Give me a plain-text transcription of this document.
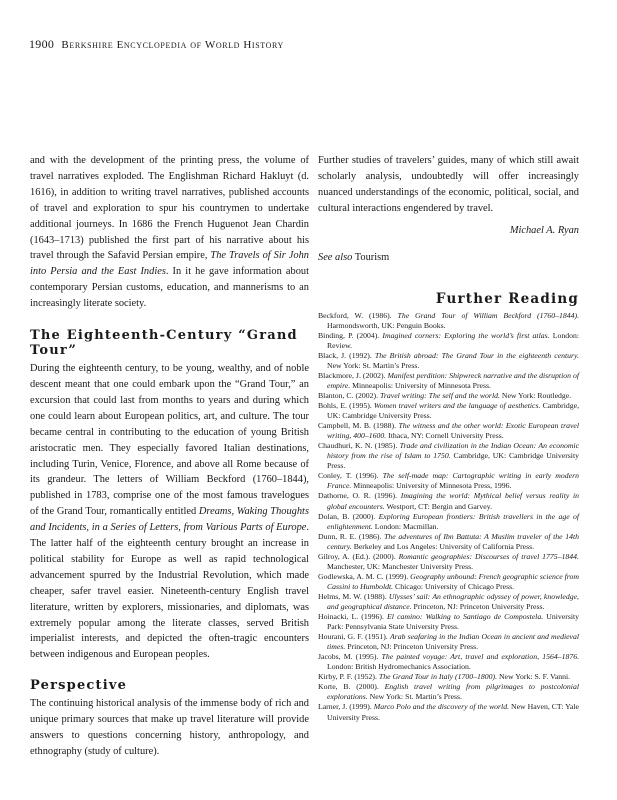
1900 Berkshire Encyclopedia of World History

and with the development of the printing press, the volume of travel narratives exploded. The Englishman Richard Hakluyt (d. 1616), in addition to writing travel narratives, published accounts of travel and exploration to spur his countrymen to undertake additional journeys. In 1686 the French Huguenot Jean Chardin (1643–1713) published the first part of his narrative about his travel through the Safavid Persian empire, The Travels of Sir John into Persia and the East Indies. In it he gave information about contemporary Persian customs, education, and mannerisms to an increasingly literate society.

The Eighteenth-Century “Grand Tour”

During the eighteenth century, to be young, wealthy, and of noble descent meant that one could embark upon the “Grand Tour,” an excursion that could last from months to years and during which one could learn about European politics, art, and culture. The tour became central in contributing to the education of young British aristocratic men. They especially favored Italian destinations, including Turin, Venice, Florence, and above all Rome because of its grandeur. The letters of William Beckford (1760–1844), published in 1783, comprise one of the most famous travelogues of the Grand Tour, romantically entitled Dreams, Waking Thoughts and Incidents, in a Series of Letters, from Various Parts of Europe. The latter half of the eighteenth century brought an increase in political stability for Europe as well as rapid technological advancement spurred by the Industrial Revolution, which made cheaper, safer travel easier. Nineteenth-century English travel literature, written by explorers, missionaries, and diplomats, was extremely popular among the literate classes, served British imperialist interests, and depicted the often-tragic encounters between indigenous and European peoples.

Perspective

The continuing historical analysis of the immense body of rich and unique primary sources that make up travel literature will provide answers to questions concerning history, anthropology, and ethnography (study of culture).

Further studies of travelers’ guides, many of which still await scholarly analysis, undoubtedly will offer increasingly nuanced understandings of the economic, political, social, and cultural interactions engendered by travel.

Michael A. Ryan
See also Tourism
Further Reading
Beckford, W. (1986). The Grand Tour of William Beckford (1760–1844). Harmondsworth, UK: Penguin Books.
Binding, P. (2004). Imagined corners: Exploring the world’s first atlas. London: Review.
Black, J. (1992). The British abroad: The Grand Tour in the eighteenth century. New York: St. Martin’s Press.
Blackmore, J. (2002). Manifest perdition: Shipwreck narrative and the disruption of empire. Minneapolis: University of Minnesota Press.
Blanton, C. (2002). Travel writing: The self and the world. New York: Routledge.
Bohls, E. (1995). Women travel writers and the language of aesthetics. Cambridge, UK: Cambridge University Press.
Campbell, M. B. (1988). The witness and the other world: Exotic European travel writing, 400–1600. Ithaca, NY: Cornell University Press.
Chaudhuri, K. N. (1985). Trade and civilization in the Indian Ocean: An economic history from the rise of Islam to 1750. Cambridge, UK: Cambridge University Press.
Conley, T. (1996). The self-made map: Cartographic writing in early modern France. Minneapolis: University of Minnesota Press, 1996.
Dathorne, O. R. (1996). Imagining the world: Mythical belief versus reality in global encounters. Westport, CT: Bergin and Garvey.
Dolan, B. (2000). Exploring European frontiers: British travellers in the age of enlightenment. London: Macmillan.
Dunn, R. E. (1986). The adventures of Ibn Battuta: A Muslim traveler of the 14th century. Berkeley and Los Angeles: University of California Press.
Gilroy, A. (Ed.). (2000). Romantic geographies: Discourses of travel 1775–1844. Manchester, UK: Manchester University Press.
Godlewska, A. M. C. (1999). Geography unbound: French geographic science from Cassini to Humboldt. Chicago: University of Chicago Press.
Helms, M. W. (1988). Ulysses’ sail: An ethnographic odyssey of power, knowledge, and geographical distance. Princeton, NJ: Princeton University Press.
Hoinacki, L. (1996). El camino: Walking to Santiago de Compostela. University Park: Pennsylvania State University Press.
Hourani, G. F. (1951). Arab seafaring in the Indian Ocean in ancient and medieval times. Princeton, NJ: Princeton University Press.
Jacobs, M. (1995). The painted voyage: Art, travel and exploration, 1564–1876. London: British Hydromechanics Association.
Kirby, P. F. (1952). The Grand Tour in Italy (1700–1800). New York: S. F. Vanni.
Korte, B. (2000). English travel writing from pilgrimages to postcolonial explorations. New York: St. Martin’s Press.
Larner, J. (1999). Marco Polo and the discovery of the world. New Haven, CT: Yale University Press.
